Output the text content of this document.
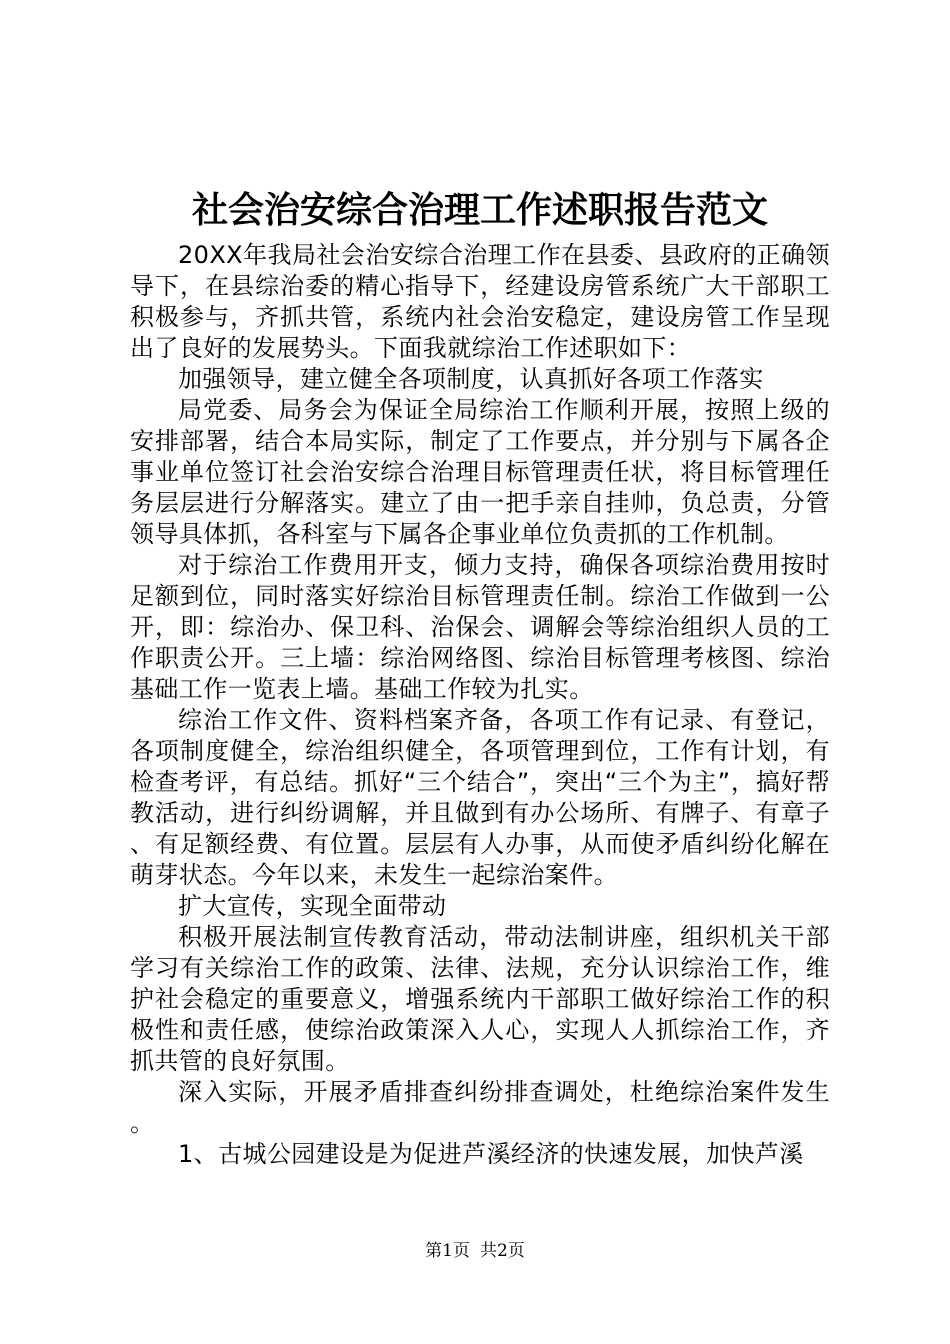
社会治安综合治理工作述职报告范文

20XX年我局社会治安综合治理工作在县委、县政府的正确领导下，在县综治委的精心指导下，经建设房管系统广大干部职工积极参与，齐抓共管，系统内社会治安稳定，建设房管工作呈现出了良好的发展势头。下面我就综治工作述职如下：

加强领导，建立健全各项制度，认真抓好各项工作落实

局党委、局务会为保证全局综治工作顺利开展，按照上级的安排部署，结合本局实际，制定了工作要点，并分别与下属各企事业单位签订社会治安综合治理目标管理责任状，将目标管理任务层层进行分解落实。建立了由一把手亲自挂帅，负总责，分管领导具体抓，各科室与下属各企事业单位负责抓的工作机制。

对于综治工作费用开支，倾力支持，确保各项综治费用按时足额到位，同时落实好综治目标管理责任制。综治工作做到一公开，即：综治办、保卫科、治保会、调解会等综治组织人员的工作职责公开。三上墙：综治网络图、综治目标管理考核图、综治基础工作一览表上墙。基础工作较为扎实。

综治工作文件、资料档案齐备，各项工作有记录、有登记，各项制度健全，综治组织健全，各项管理到位，工作有计划，有检查考评，有总结。抓好“三个结合”，突出“三个为主”，搞好帮教活动，进行纠纷调解，并且做到有办公场所、有牌子、有章子、有足额经费、有位置。层层有人办事，从而使矛盾纠纷化解在萌芽状态。今年以来，未发生一起综治案件。

扩大宣传，实现全面带动

积极开展法制宣传教育活动，带动法制讲座，组织机关干部学习有关综治工作的政策、法律、法规，充分认识综治工作，维护社会稳定的重要意义，增强系统内干部职工做好综治工作的积极性和责任感，使综治政策深入人心，实现人人抓综治工作，齐抓共管的良好氛围。

深入实际，开展矛盾排查纠纷排查调处，杜绝综治案件发生。

1、古城公园建设是为促进芦溪经济的快速发展，加快芦溪

第1页 共2页
